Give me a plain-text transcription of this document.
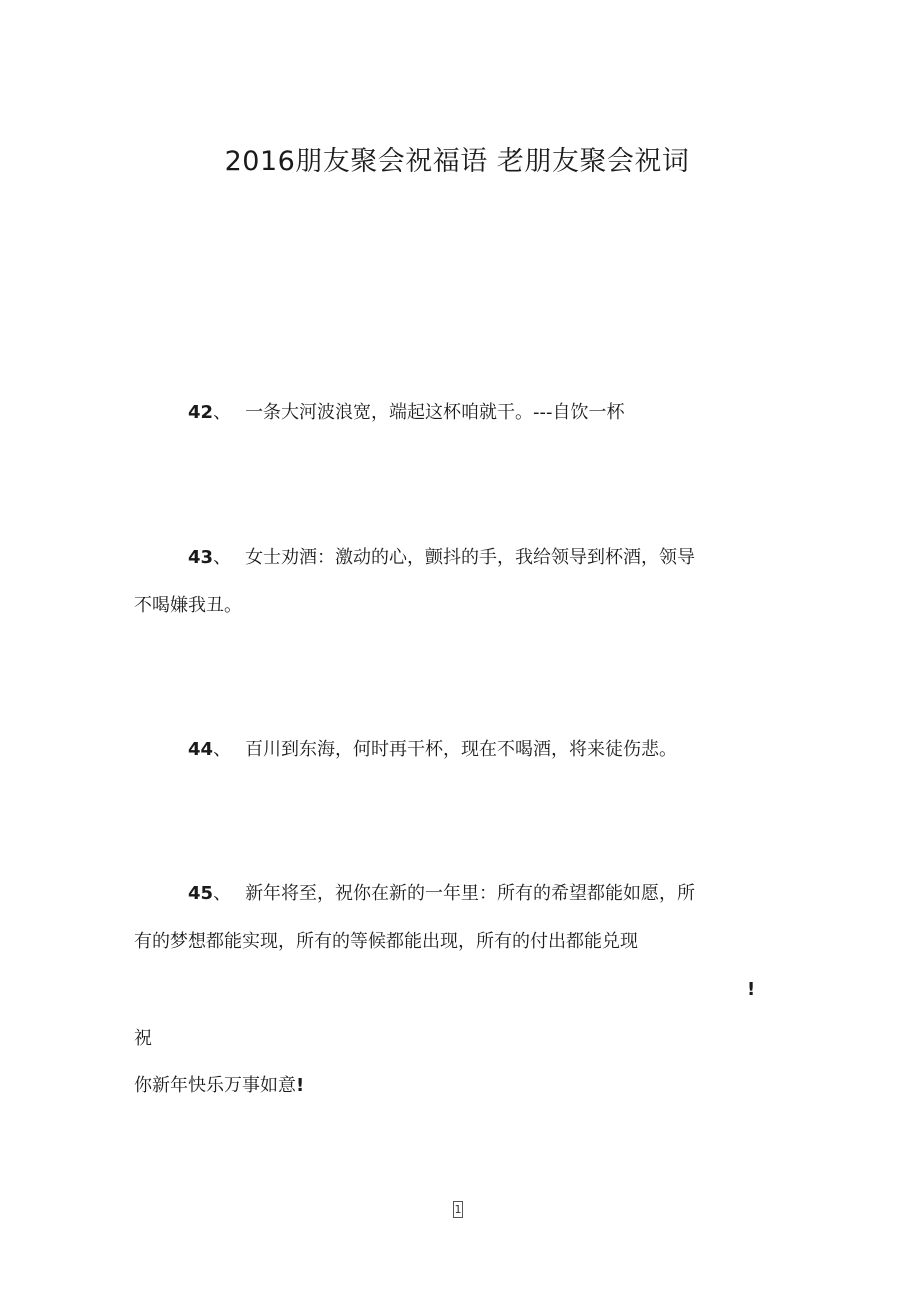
2016朋友聚会祝福语 老朋友聚会祝词
42、 一条大河波浪宽，端起这杯咱就干。---自饮一杯
43、 女士劝酒：激动的心，颤抖的手，我给领导到杯酒，领导
不喝嫌我丑。
44、 百川到东海，何时再干杯，现在不喝酒，将来徒伤悲。
45、 新年将至，祝你在新的一年里：所有的希望都能如愿，所
有的梦想都能实现，所有的等候都能出现，所有的付出都能兑现
!
祝
你新年快乐万事如意!
1
